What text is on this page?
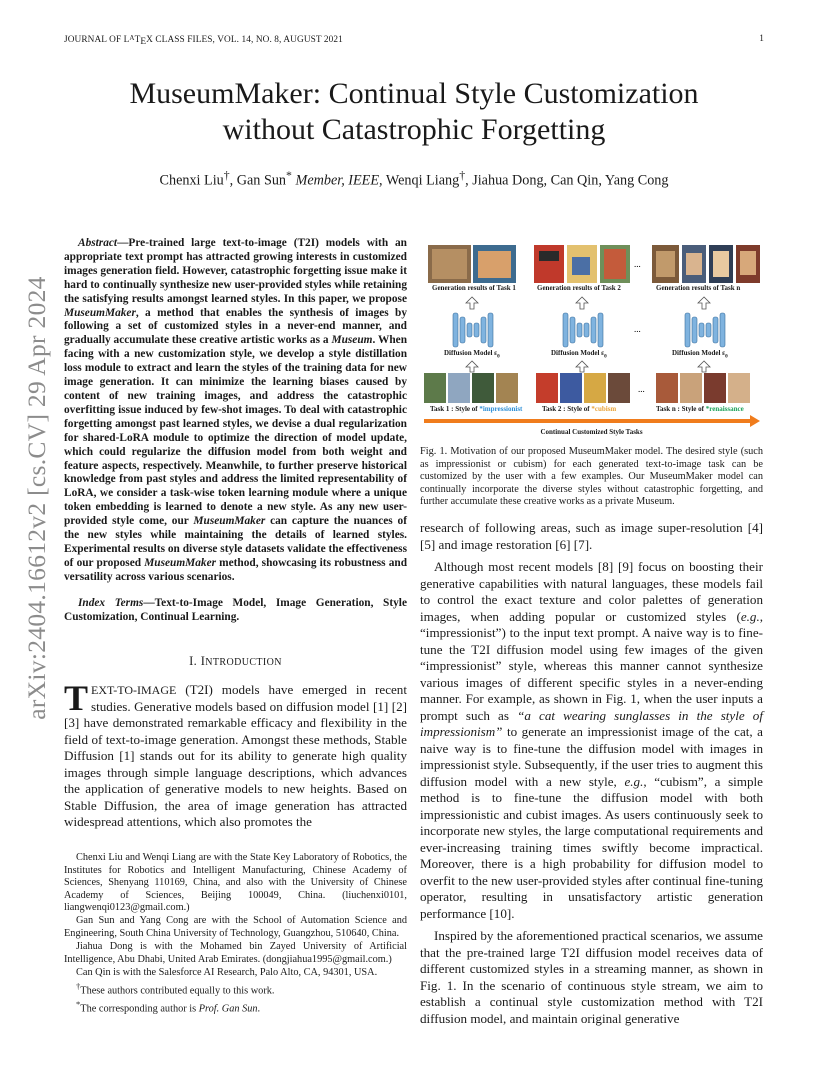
JOURNAL OF $L^ATEX$ CLASS FILES, VOL. 14, NO. 8, AUGUST 2021	1
arXiv:2404.16612v2 [cs.CV] 29 Apr 2024
MuseumMaker: Continual Style Customization
without Catastrophic Forgetting
Chenxi Liu†, Gan Sun* Member, IEEE, Wenqi Liang†, Jiahua Dong, Can Qin, Yang Cong
Abstract—Pre-trained large text-to-image (T2I) models with an appropriate text prompt has attracted growing interests in customized images generation field. However, catastrophic forgetting issue make it hard to continually synthesize new user-provided styles while retaining the satisfying results amongst learned styles. In this paper, we propose MuseumMaker, a method that enables the synthesis of images by following a set of customized styles in a never-end manner, and gradually accumulate these creative artistic works as a Museum. When facing with a new customization style, we develop a style distillation loss module to extract and learn the styles of the training data for new image generation. It can minimize the learning biases caused by content of new training images, and address the catastrophic overfitting issue induced by few-shot images. To deal with catastrophic forgetting amongst past learned styles, we devise a dual regularization for shared-LoRA module to optimize the direction of model update, which could regularize the diffusion model from both weight and feature aspects, respectively. Meanwhile, to further preserve historical knowledge from past styles and address the limited representability of LoRA, we consider a task-wise token learning module where a unique token embedding is learned to denote a new style. As any new user-provided style come, our MuseumMaker can capture the nuances of the new styles while maintaining the details of learned styles. Experimental results on diverse style datasets validate the effectiveness of our proposed MuseumMaker method, showcasing its robustness and versatility across various scenarios.
Index Terms—Text-to-Image Model, Image Generation, Style Customization, Continual Learning.
I. INTRODUCTION
TEXT-TO-IMAGE (T2I) models have emerged in recent studies. Generative models based on diffusion model [1] [2] [3] have demonstrated remarkable efficacy and flexibility in the field of text-to-image generation. Amongst these methods, Stable Diffusion [1] stands out for its ability to generate high quality images through simple language descriptions, which advances the application of generative models to new heights. Based on Stable Diffusion, the area of image generation has attracted widespread attentions, which also promotes the

Chenxi Liu and Wenqi Liang are with the State Key Laboratory of Robotics, the Institutes for Robotics and Intelligent Manufacturing, Chinese Academy of Sciences, Shenyang 110169, China, and also with the University of Chinese Academy of Sciences, Beijing 100049, China. (liuchenxi0101, liangwenqi0123@gmail.com.)

Gan Sun and Yang Cong are with the School of Automation Science and Engineering, South China University of Technology, Guangzhou, 510640, China.

Jiahua Dong is with the Mohamed bin Zayed University of Artificial Intelligence, Abu Dhabi, United Arab Emirates. (dongjiahua1995@gmail.com.)

Can Qin is with the Salesforce AI Research, Palo Alto, CA, 94301, USA.

†These authors contributed equally to this work.

*The corresponding author is Prof. Gan Sun.

...
...
...
Generation results of Task 1	Generation results of Task 2	Generation results of Task n
Diffusion Model $\varepsilon_\theta$	Diffusion Model $\varepsilon_\theta$	Diffusion Model $\varepsilon_\theta$
Task 1 : Style of *impressionist	Task 2 : Style of *cubism	Task n : Style of *renaissance
Continual Customized Style Tasks
Fig. 1. Motivation of our proposed MuseumMaker model. The desired style (such as impressionist or cubism) for each generated text-to-image task can be customized by the user with a few examples. Our MuseumMaker model can continually incorporate the diverse styles without catastrophic forgetting, and further accumulate these creative works as a private Museum.

research of following areas, such as image super-resolution [4] [5] and image restoration [6] [7].

Although most recent models [8] [9] focus on boosting their generative capabilities with natural languages, these models fail to control the exact texture and color palettes of generation images, when adding popular or customized styles (e.g., “impressionist”) to the input text prompt. A naive way is to fine-tune the T2I diffusion model using few images of the given “impressionist” style, whereas this manner cannot synthesize various images of different specific styles in a never-ending manner. For example, as shown in Fig. 1, when the user inputs a prompt such as “a cat wearing sunglasses in the style of impressionism” to generate an impressionist image of the cat, a naive way is to fine-tune the diffusion model with images in impressionist style. Subsequently, if the user tries to augment this diffusion model with a new style, e.g., “cubism”, a simple method is to fine-tune the diffusion model with both impressionistic and cubist images. As users continuously seek to incorporate new styles, the large computational requirements and ever-increasing training times swiftly become impractical. Moreover, there is a high probability for diffusion model to overfit to the new user-provided styles after continual fine-tuning operator, resulting in unsatisfactory artistic generation performance [10].

Inspired by the aforementioned practical scenarios, we assume that the pre-trained large T2I diffusion model receives data of different customized styles in a streaming manner, as shown in Fig. 1. In the scenario of continuous style stream, we aim to establish a continual style customization method with T2I diffusion model, and maintain original generative
